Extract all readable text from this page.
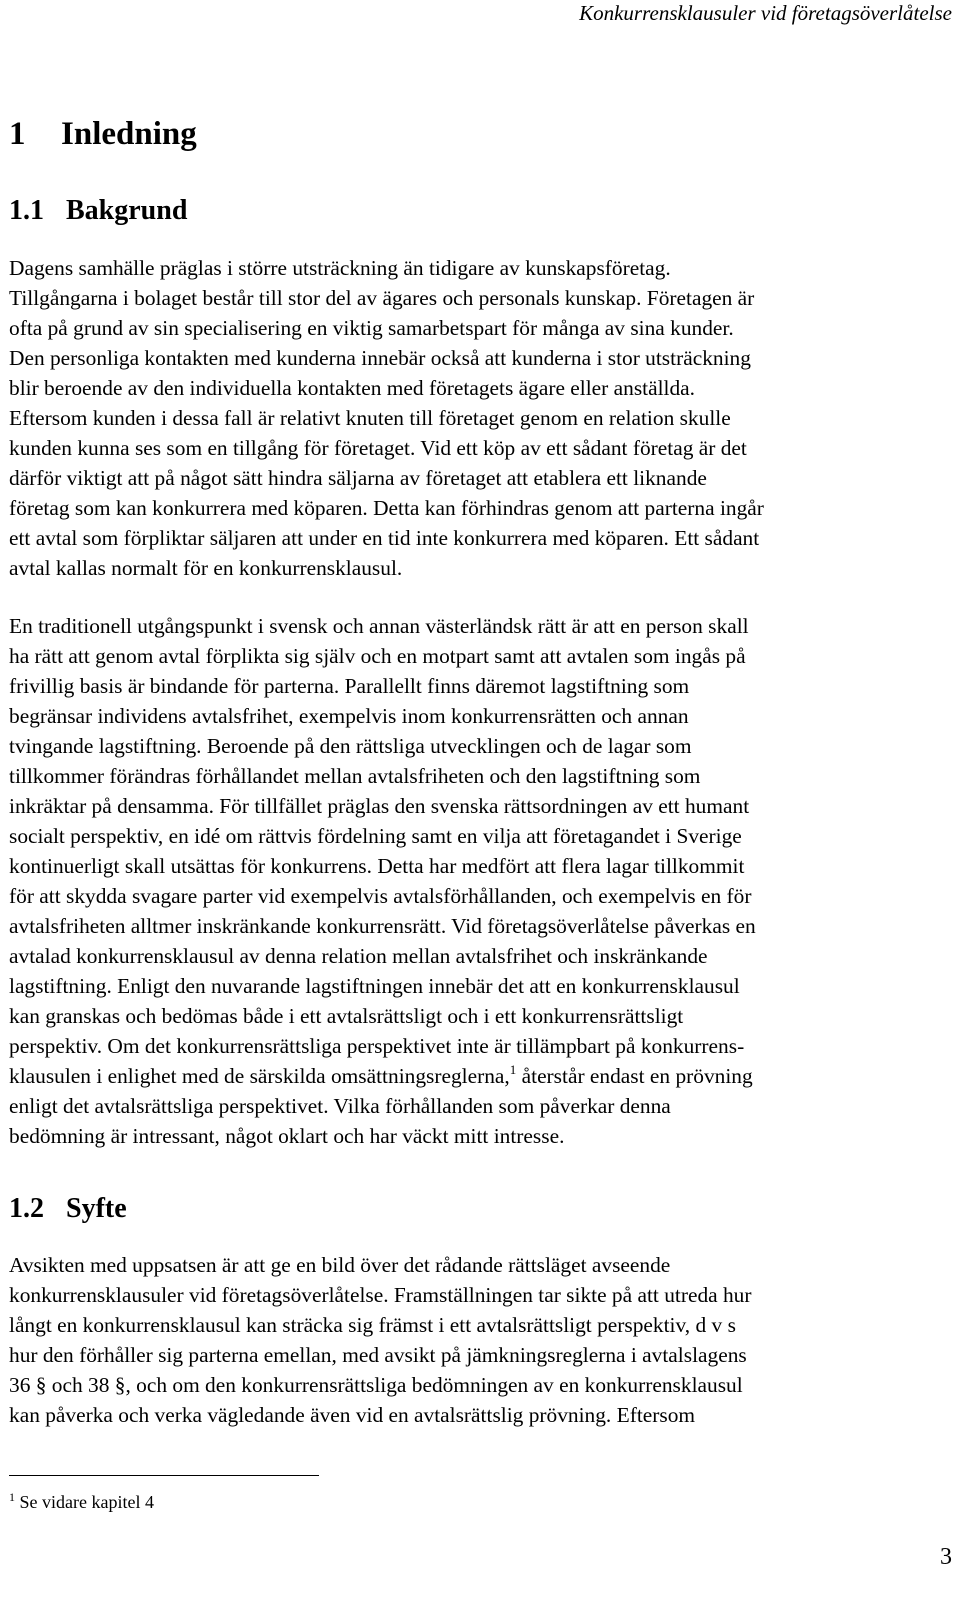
Konkurrensklausuler vid företagsöverlåtelse
1 Inledning
1.1 Bakgrund
Dagens samhälle präglas i större utsträckning än tidigare av kunskapsföretag.
Tillgångarna i bolaget består till stor del av ägares och personals kunskap. Företagen är
ofta på grund av sin specialisering en viktig samarbetspart för många av sina kunder.
Den personliga kontakten med kunderna innebär också att kunderna i stor utsträckning
blir beroende av den individuella kontakten med företagets ägare eller anställda.
Eftersom kunden i dessa fall är relativt knuten till företaget genom en relation skulle
kunden kunna ses som en tillgång för företaget. Vid ett köp av ett sådant företag är det
därför viktigt att på något sätt hindra säljarna av företaget att etablera ett liknande
företag som kan konkurrera med köparen. Detta kan förhindras genom att parterna ingår
ett avtal som förpliktar säljaren att under en tid inte konkurrera med köparen. Ett sådant
avtal kallas normalt för en konkurrensklausul.
En traditionell utgångspunkt i svensk och annan västerländsk rätt är att en person skall
ha rätt att genom avtal förplikta sig själv och en motpart samt att avtalen som ingås på
frivillig basis är bindande för parterna. Parallellt finns däremot lagstiftning som
begränsar individens avtalsfrihet, exempelvis inom konkurrensrätten och annan
tvingande lagstiftning. Beroende på den rättsliga utvecklingen och de lagar som
tillkommer förändras förhållandet mellan avtalsfriheten och den lagstiftning som
inkräktar på densamma. För tillfället präglas den svenska rättsordningen av ett humant
socialt perspektiv, en idé om rättvis fördelning samt en vilja att företagandet i Sverige
kontinuerligt skall utsättas för konkurrens. Detta har medfört att flera lagar tillkommit
för att skydda svagare parter vid exempelvis avtalsförhållanden, och exempelvis en för
avtalsfriheten alltmer inskränkande konkurrensrätt. Vid företagsöverlåtelse påverkas en
avtalad konkurrensklausul av denna relation mellan avtalsfrihet och inskränkande
lagstiftning. Enligt den nuvarande lagstiftningen innebär det att en konkurrensklausul
kan granskas och bedömas både i ett avtalsrättsligt och i ett konkurrensrättsligt
perspektiv. Om det konkurrensrättsliga perspektivet inte är tillämpbart på konkurrens-
klausulen i enlighet med de särskilda omsättningsreglerna,$^1$ återstår endast en prövning
enligt det avtalsrättsliga perspektivet. Vilka förhållanden som påverkar denna
bedömning är intressant, något oklart och har väckt mitt intresse.
1.2 Syfte
Avsikten med uppsatsen är att ge en bild över det rådande rättsläget avseende
konkurrensklausuler vid företagsöverlåtelse. Framställningen tar sikte på att utreda hur
långt en konkurrensklausul kan sträcka sig främst i ett avtalsrättsligt perspektiv, d v s
hur den förhåller sig parterna emellan, med avsikt på jämkningsreglerna i avtalslagens
36 § och 38 §, och om den konkurrensrättsliga bedömningen av en konkurrensklausul
kan påverka och verka vägledande även vid en avtalsrättslig prövning. Eftersom
$^1$ Se vidare kapitel 4
3
